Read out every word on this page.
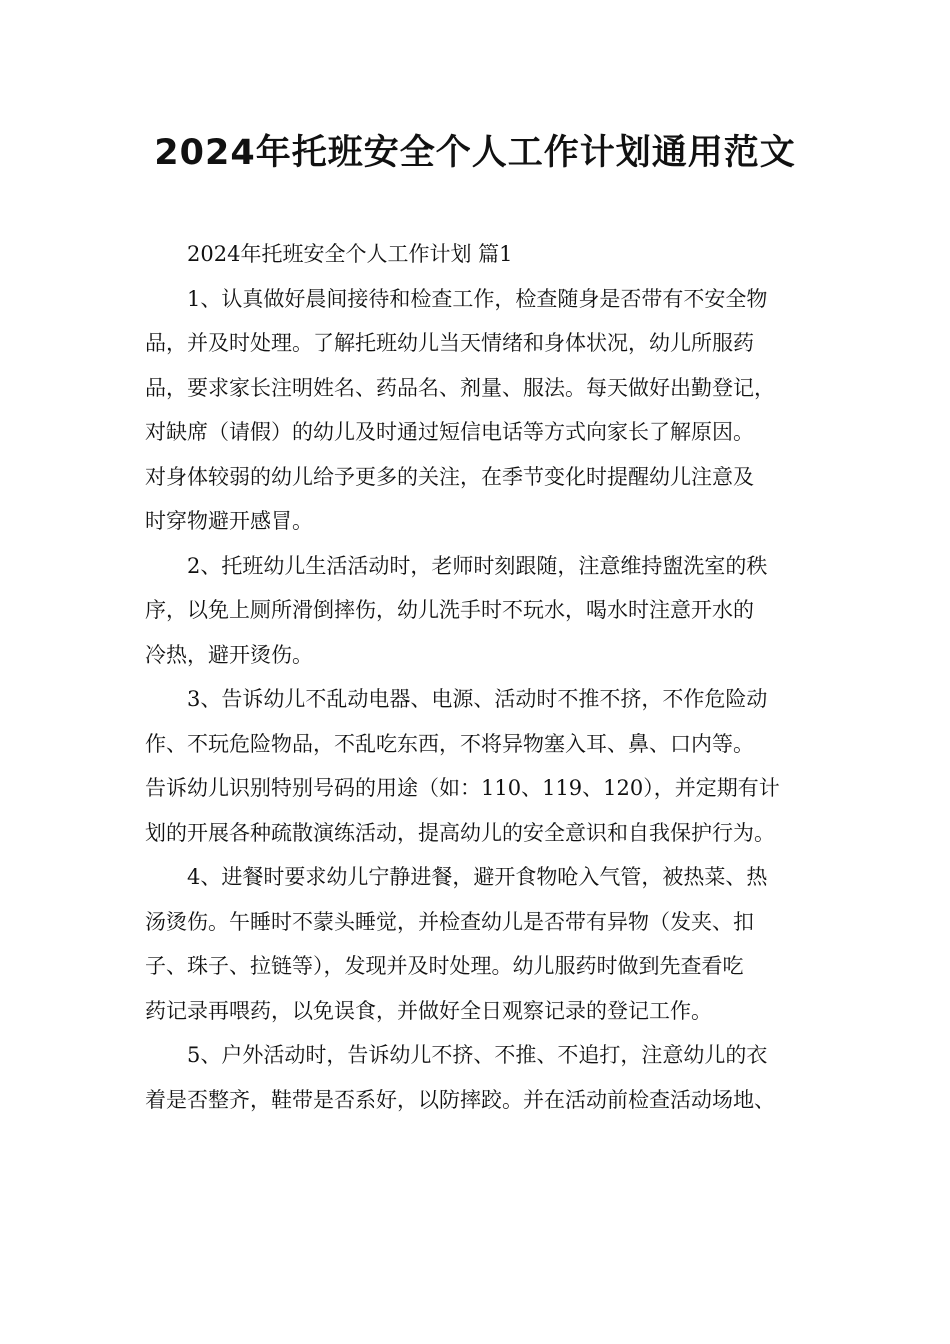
2024年托班安全个人工作计划通用范文

2024年托班安全个人工作计划 篇1

1、认真做好晨间接待和检查工作，检查随身是否带有不安全物
品，并及时处理。了解托班幼儿当天情绪和身体状况，幼儿所服药
品，要求家长注明姓名、药品名、剂量、服法。每天做好出勤登记，
对缺席（请假）的幼儿及时通过短信电话等方式向家长了解原因。
对身体较弱的幼儿给予更多的关注，在季节变化时提醒幼儿注意及
时穿物避开感冒。
2、托班幼儿生活活动时，老师时刻跟随，注意维持盥洗室的秩
序，以免上厕所滑倒摔伤，幼儿洗手时不玩水，喝水时注意开水的
冷热，避开烫伤。
3、告诉幼儿不乱动电器、电源、活动时不推不挤，不作危险动
作、不玩危险物品，不乱吃东西，不将异物塞入耳、鼻、口内等。
告诉幼儿识别特别号码的用途（如：110、119、120），并定期有计
划的开展各种疏散演练活动，提高幼儿的安全意识和自我保护行为。
4、进餐时要求幼儿宁静进餐，避开食物呛入气管，被热菜、热
汤烫伤。午睡时不蒙头睡觉，并检查幼儿是否带有异物（发夹、扣
子、珠子、拉链等），发现并及时处理。幼儿服药时做到先查看吃
药记录再喂药，以免误食，并做好全日观察记录的登记工作。
5、户外活动时，告诉幼儿不挤、不推、不追打，注意幼儿的衣
着是否整齐，鞋带是否系好，以防摔跤。并在活动前检查活动场地、
